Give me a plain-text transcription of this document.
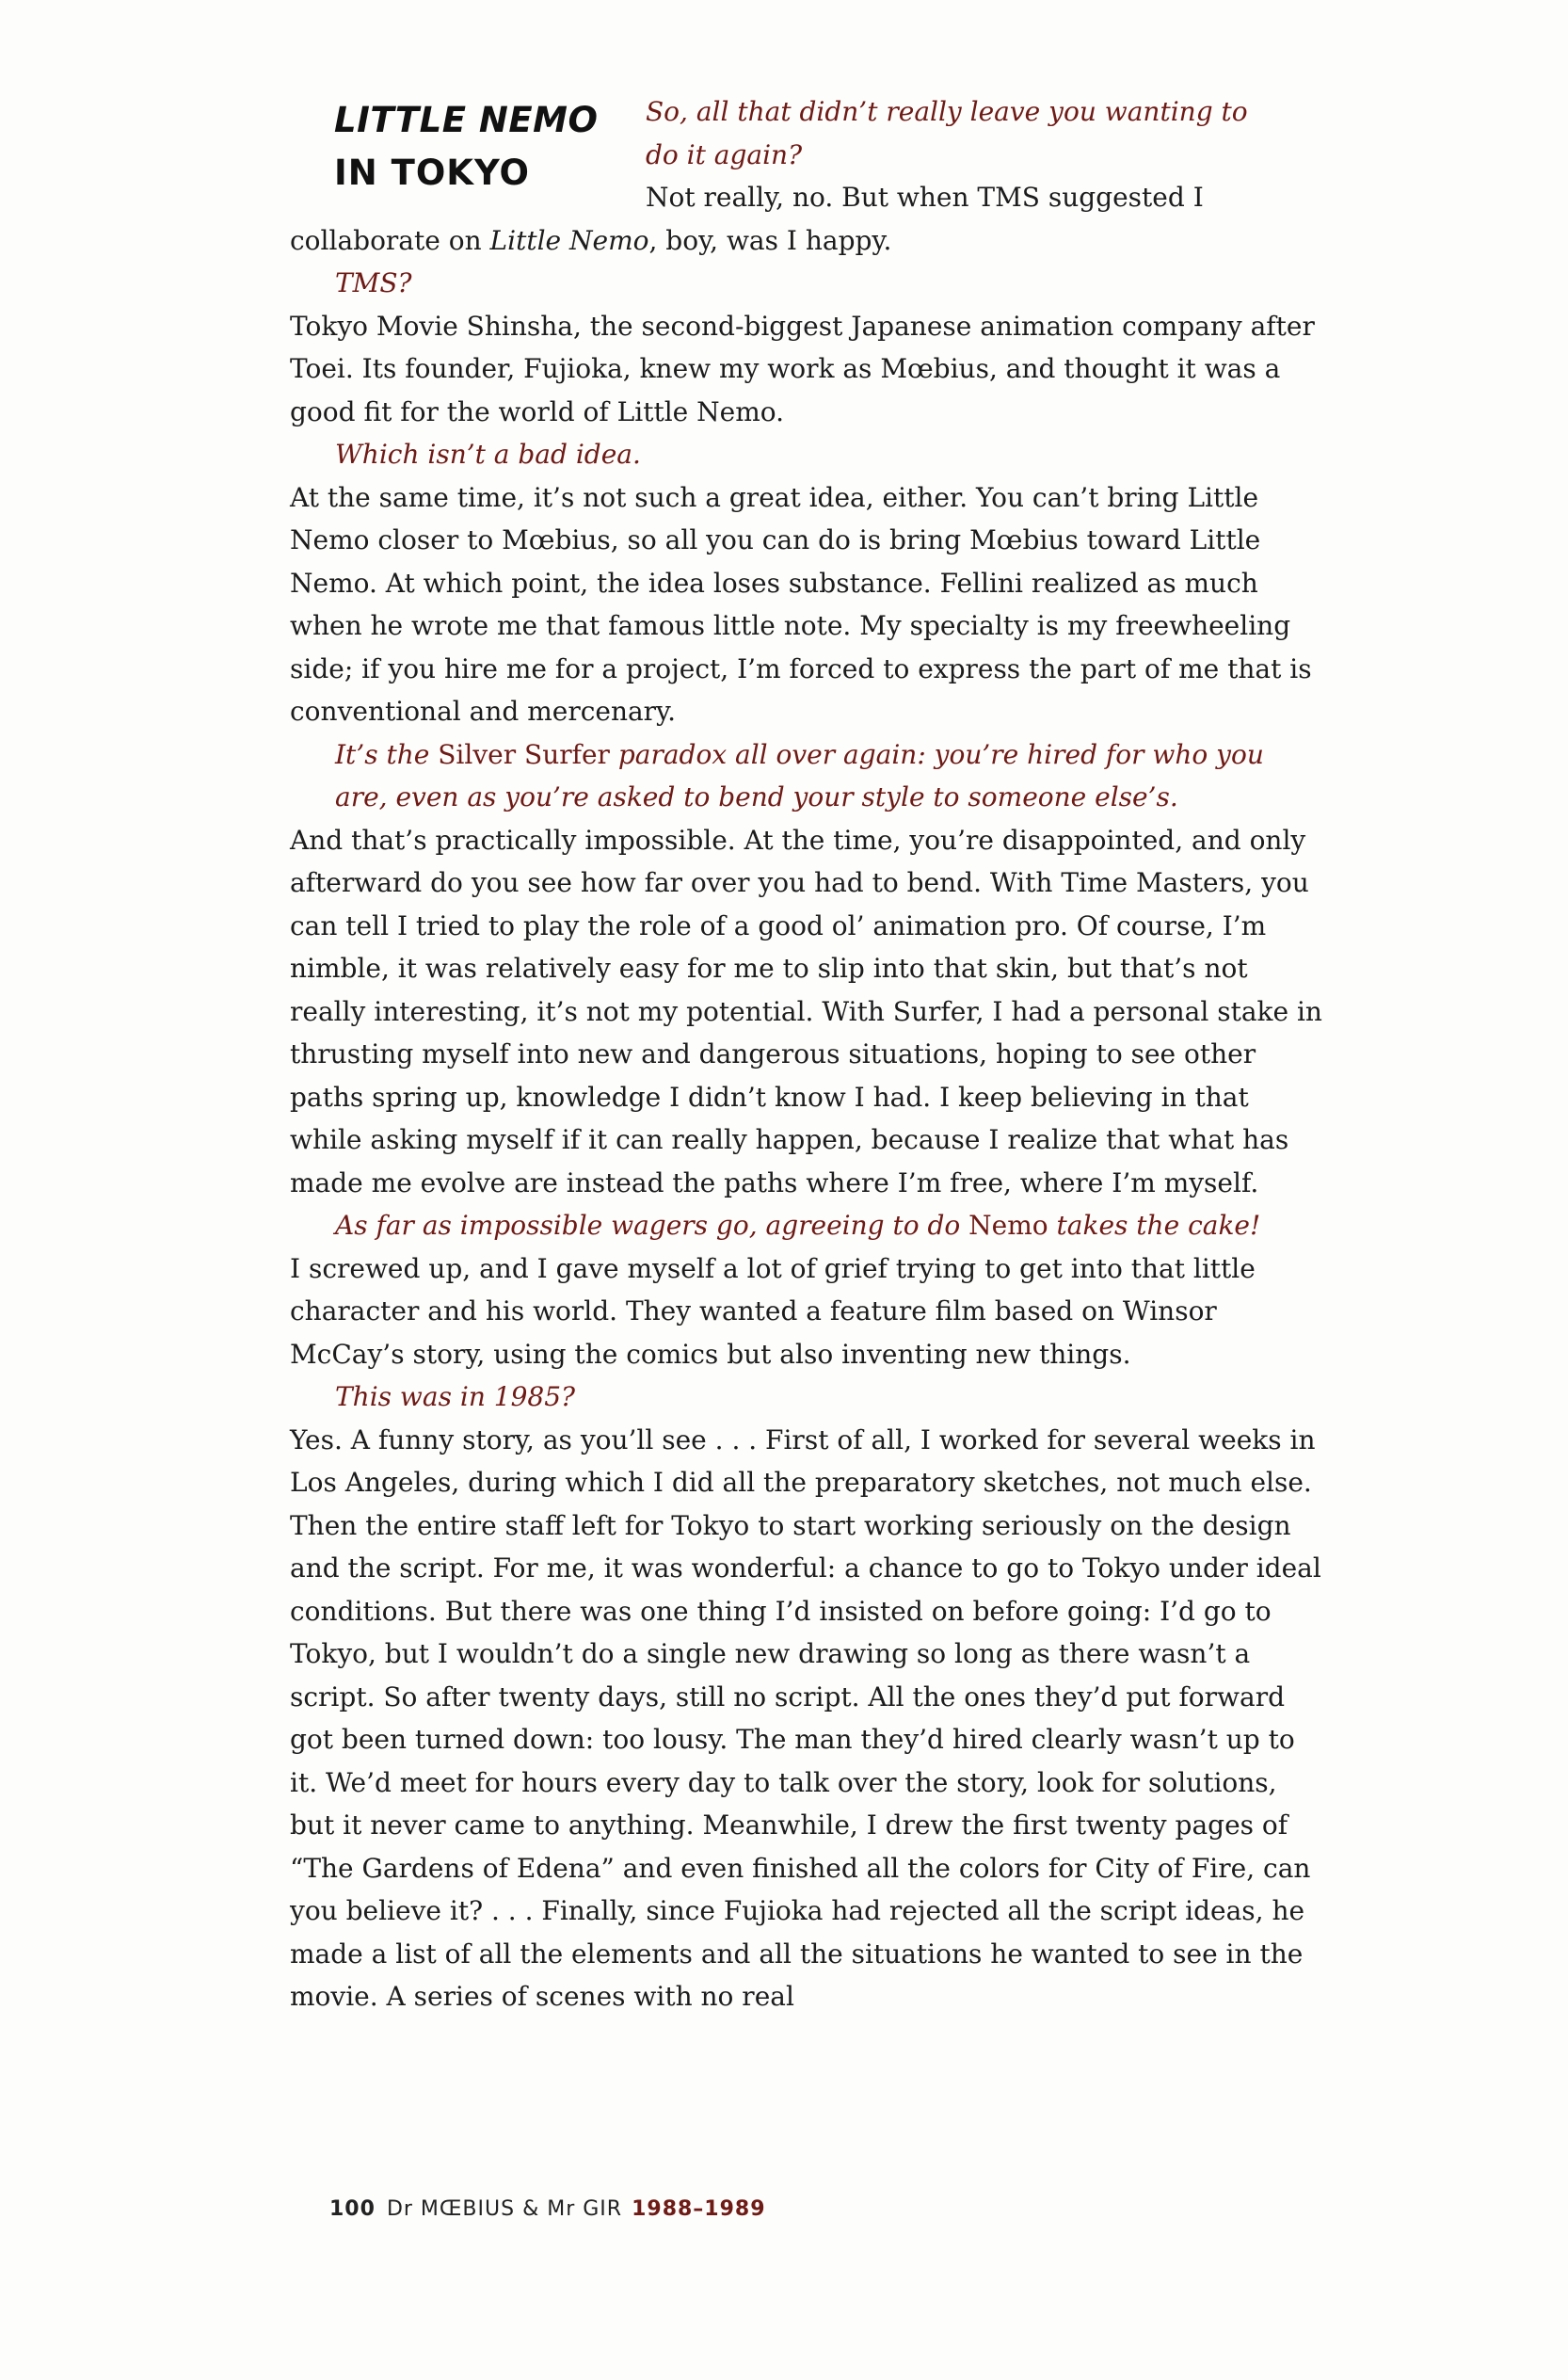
LITTLE NEMO
IN TOKYO

So, all that didn’t really leave you wanting to do it again?

Not really, no. But when TMS suggested I

collaborate on Little Nemo, boy, was I happy.

TMS?

Tokyo Movie Shinsha, the second-biggest Japanese animation company after Toei. Its founder, Fujioka, knew my work as Mœbius, and thought it was a good fit for the world of Little Nemo.

Which isn’t a bad idea.

At the same time, it’s not such a great idea, either. You can’t bring Little Nemo closer to Mœbius, so all you can do is bring Mœbius toward Little Nemo. At which point, the idea loses substance. Fellini realized as much when he wrote me that famous little note. My specialty is my freewheeling side; if you hire me for a project, I’m forced to express the part of me that is conventional and mercenary.

It’s the Silver Surfer paradox all over again: you’re hired for who you are, even as you’re asked to bend your style to someone else’s.

And that’s practically impossible. At the time, you’re disappointed, and only afterward do you see how far over you had to bend. With Time Masters, you can tell I tried to play the role of a good ol’ animation pro. Of course, I’m nimble, it was relatively easy for me to slip into that skin, but that’s not really interesting, it’s not my potential. With Surfer, I had a personal stake in thrusting myself into new and dangerous situations, hoping to see other paths spring up, knowledge I didn’t know I had. I keep believing in that while asking myself if it can really happen, because I realize that what has made me evolve are instead the paths where I’m free, where I’m myself.

As far as impossible wagers go, agreeing to do Nemo takes the cake!

I screwed up, and I gave myself a lot of grief trying to get into that little character and his world. They wanted a feature film based on Winsor McCay’s story, using the comics but also inventing new things.

This was in 1985?

Yes. A funny story, as you’ll see . . . First of all, I worked for several weeks in Los Angeles, during which I did all the preparatory sketches, not much else. Then the entire staff left for Tokyo to start working seriously on the design and the script. For me, it was wonderful: a chance to go to Tokyo under ideal conditions. But there was one thing I’d insisted on before going: I’d go to Tokyo, but I wouldn’t do a single new drawing so long as there wasn’t a script. So after twenty days, still no script. All the ones they’d put forward got been turned down: too lousy. The man they’d hired clearly wasn’t up to it. We’d meet for hours every day to talk over the story, look for solutions, but it never came to anything. Meanwhile, I drew the first twenty pages of “The Gardens of Edena” and even finished all the colors for City of Fire, can you believe it? . . . Finally, since Fujioka had rejected all the script ideas, he made a list of all the elements and all the situations he wanted to see in the movie. A series of scenes with no real

100 Dr MŒBIUS & Mr GIR 1988–1989
